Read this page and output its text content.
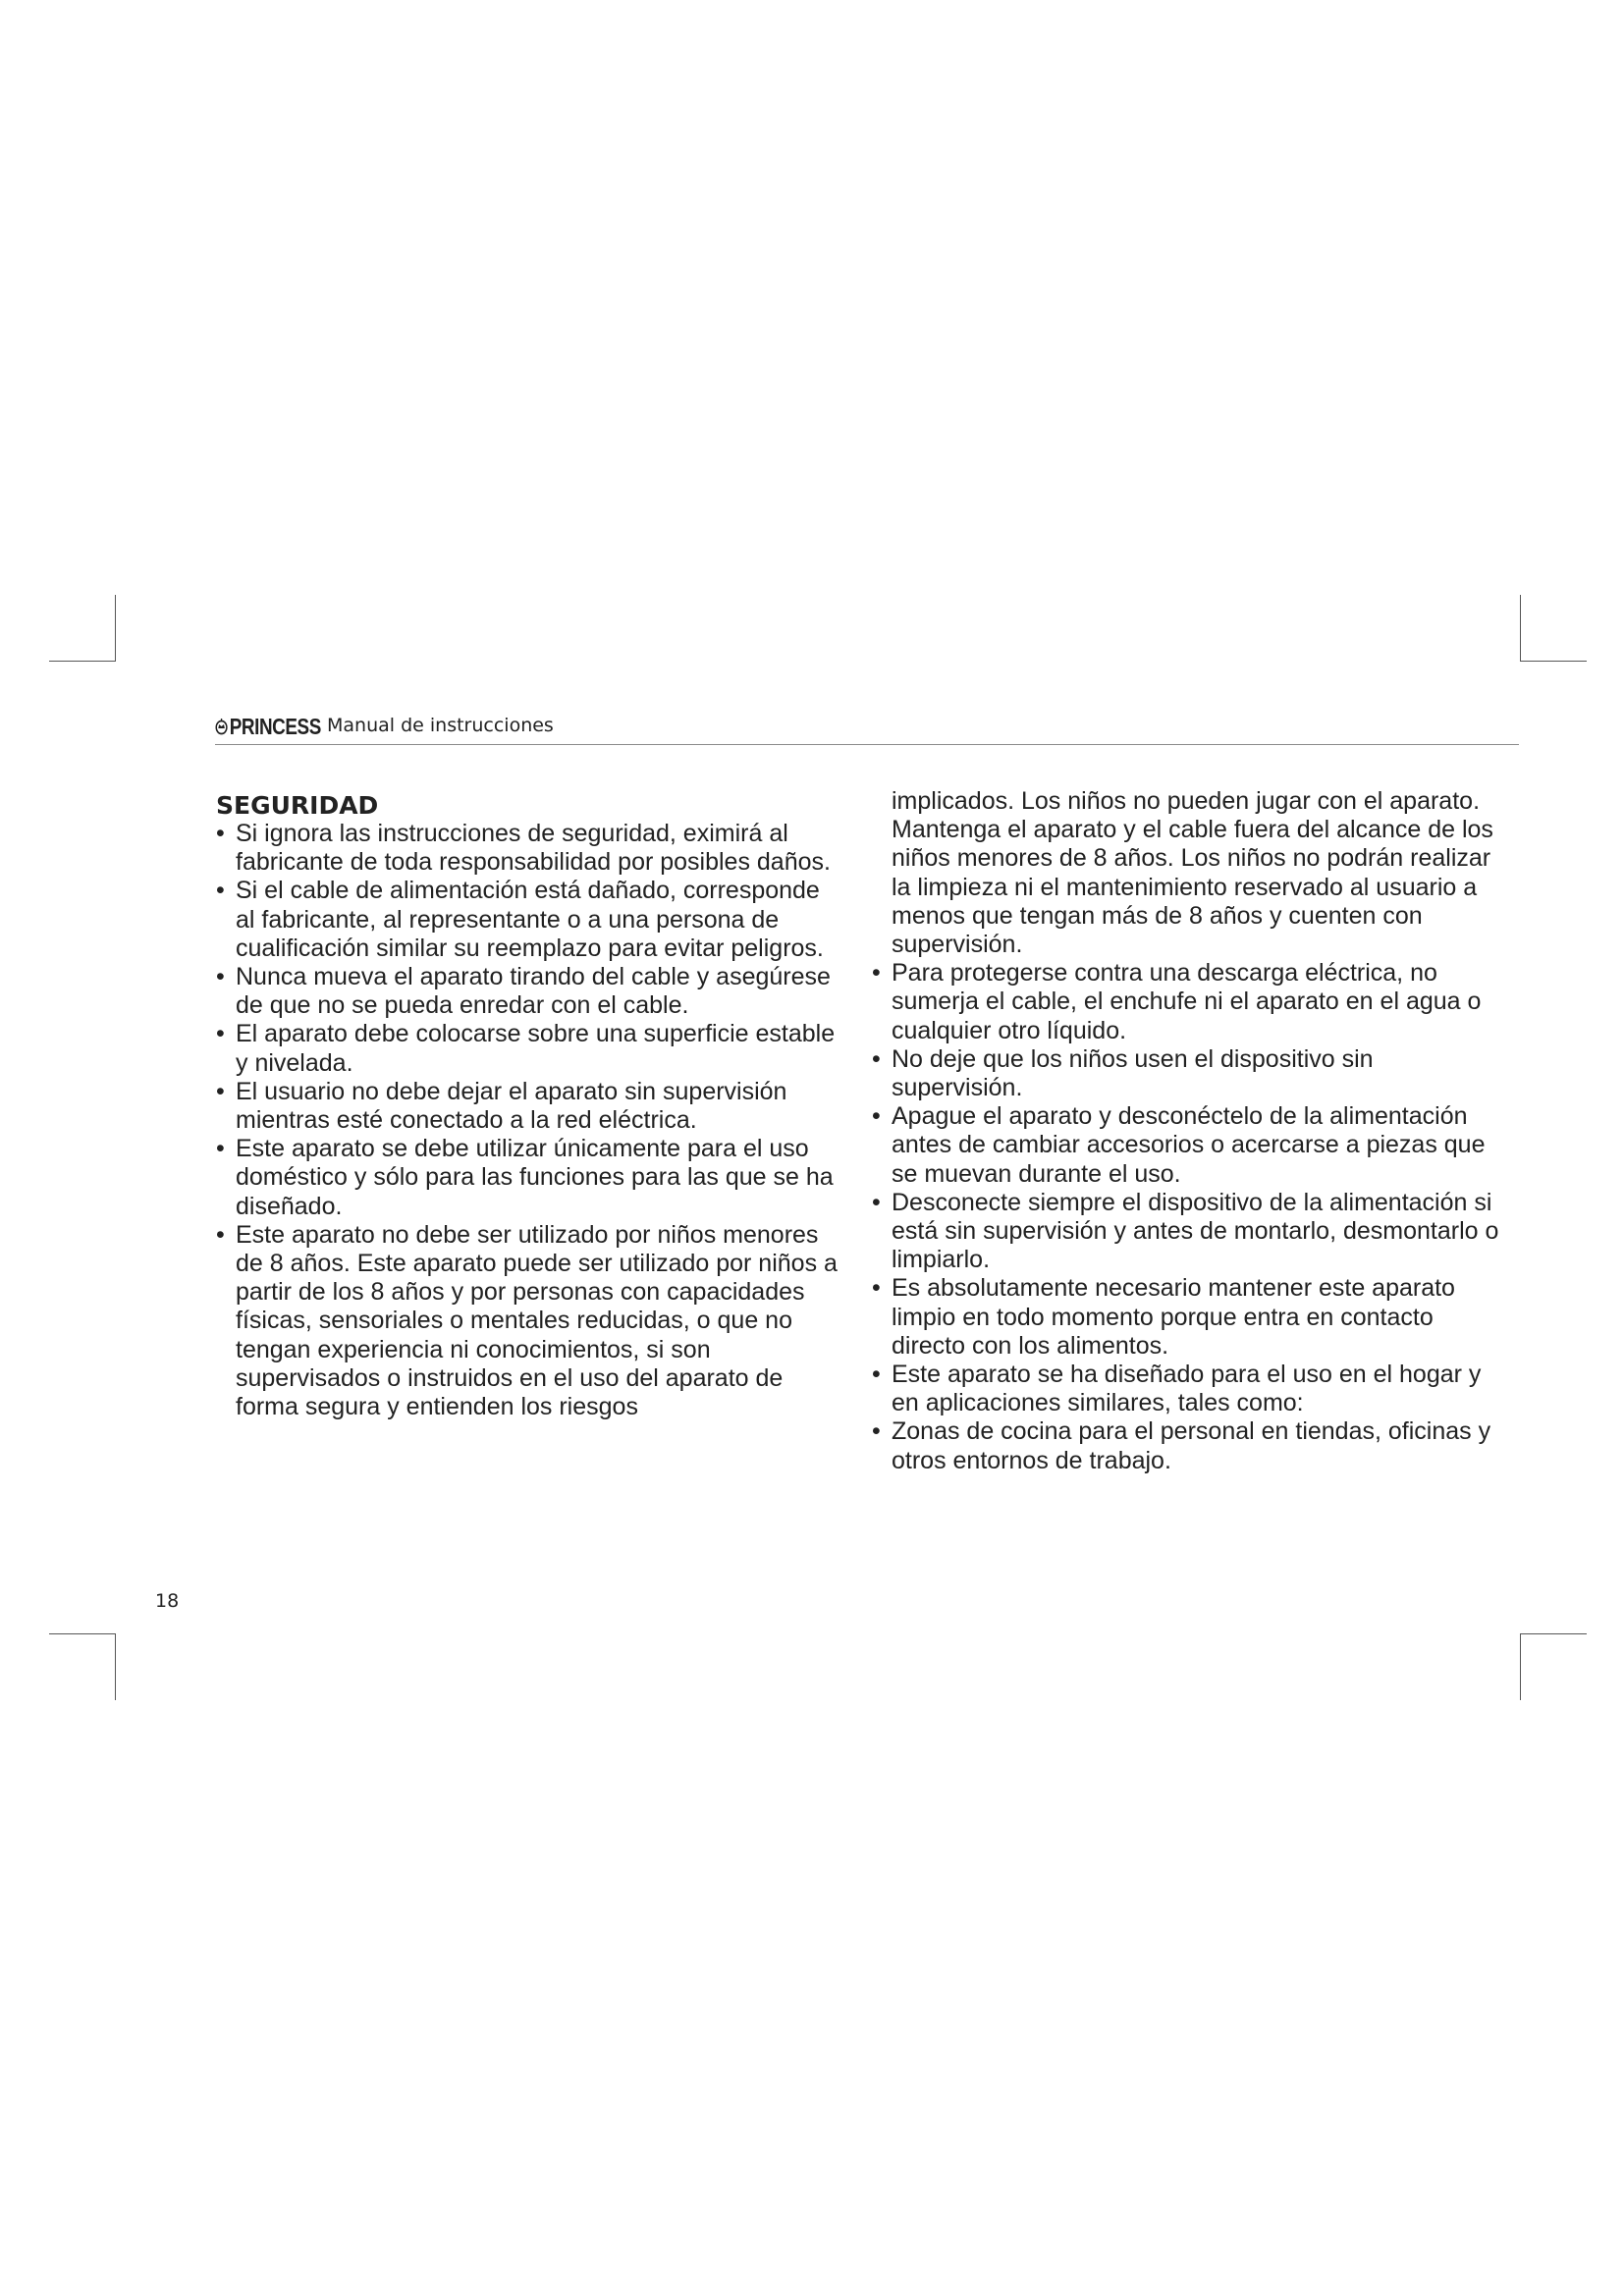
PRINCESS Manual de instrucciones
SEGURIDAD
• Si ignora las instrucciones de seguridad, eximirá al fabricante de toda responsabilidad por posibles daños.
• Si el cable de alimentación está dañado, corresponde al fabricante, al representante o a una persona de cualificación similar su reemplazo para evitar peligros.
• Nunca mueva el aparato tirando del cable y asegúrese de que no se pueda enredar con el cable.
• El aparato debe colocarse sobre una superficie estable y nivelada.
• El usuario no debe dejar el aparato sin supervisión mientras esté conectado a la red eléctrica.
• Este aparato se debe utilizar únicamente para el uso doméstico y sólo para las funciones para las que se ha diseñado.
• Este aparato no debe ser utilizado por niños menores de 8 años. Este aparato puede ser utilizado por niños a partir de los 8 años y por personas con capacidades físicas, sensoriales o mentales reducidas, o que no tengan experiencia ni conocimientos, si son supervisados o instruidos en el uso del aparato de forma segura y entienden los riesgos
implicados. Los niños no pueden jugar con el aparato. Mantenga el aparato y el cable fuera del alcance de los niños menores de 8 años. Los niños no podrán realizar la limpieza ni el mantenimiento reservado al usuario a menos que tengan más de 8 años y cuenten con supervisión.
• Para protegerse contra una descarga eléctrica, no sumerja el cable, el enchufe ni el aparato en el agua o cualquier otro líquido.
• No deje que los niños usen el dispositivo sin supervisión.
• Apague el aparato y desconéctelo de la alimentación antes de cambiar accesorios o acercarse a piezas que se muevan durante el uso.
• Desconecte siempre el dispositivo de la alimentación si está sin supervisión y antes de montarlo, desmontarlo o limpiarlo.
• Es absolutamente necesario mantener este aparato limpio en todo momento porque entra en contacto directo con los alimentos.
• Este aparato se ha diseñado para el uso en el hogar y en aplicaciones similares, tales como:
• Zonas de cocina para el personal en tiendas, oficinas y otros entornos de trabajo.
18
